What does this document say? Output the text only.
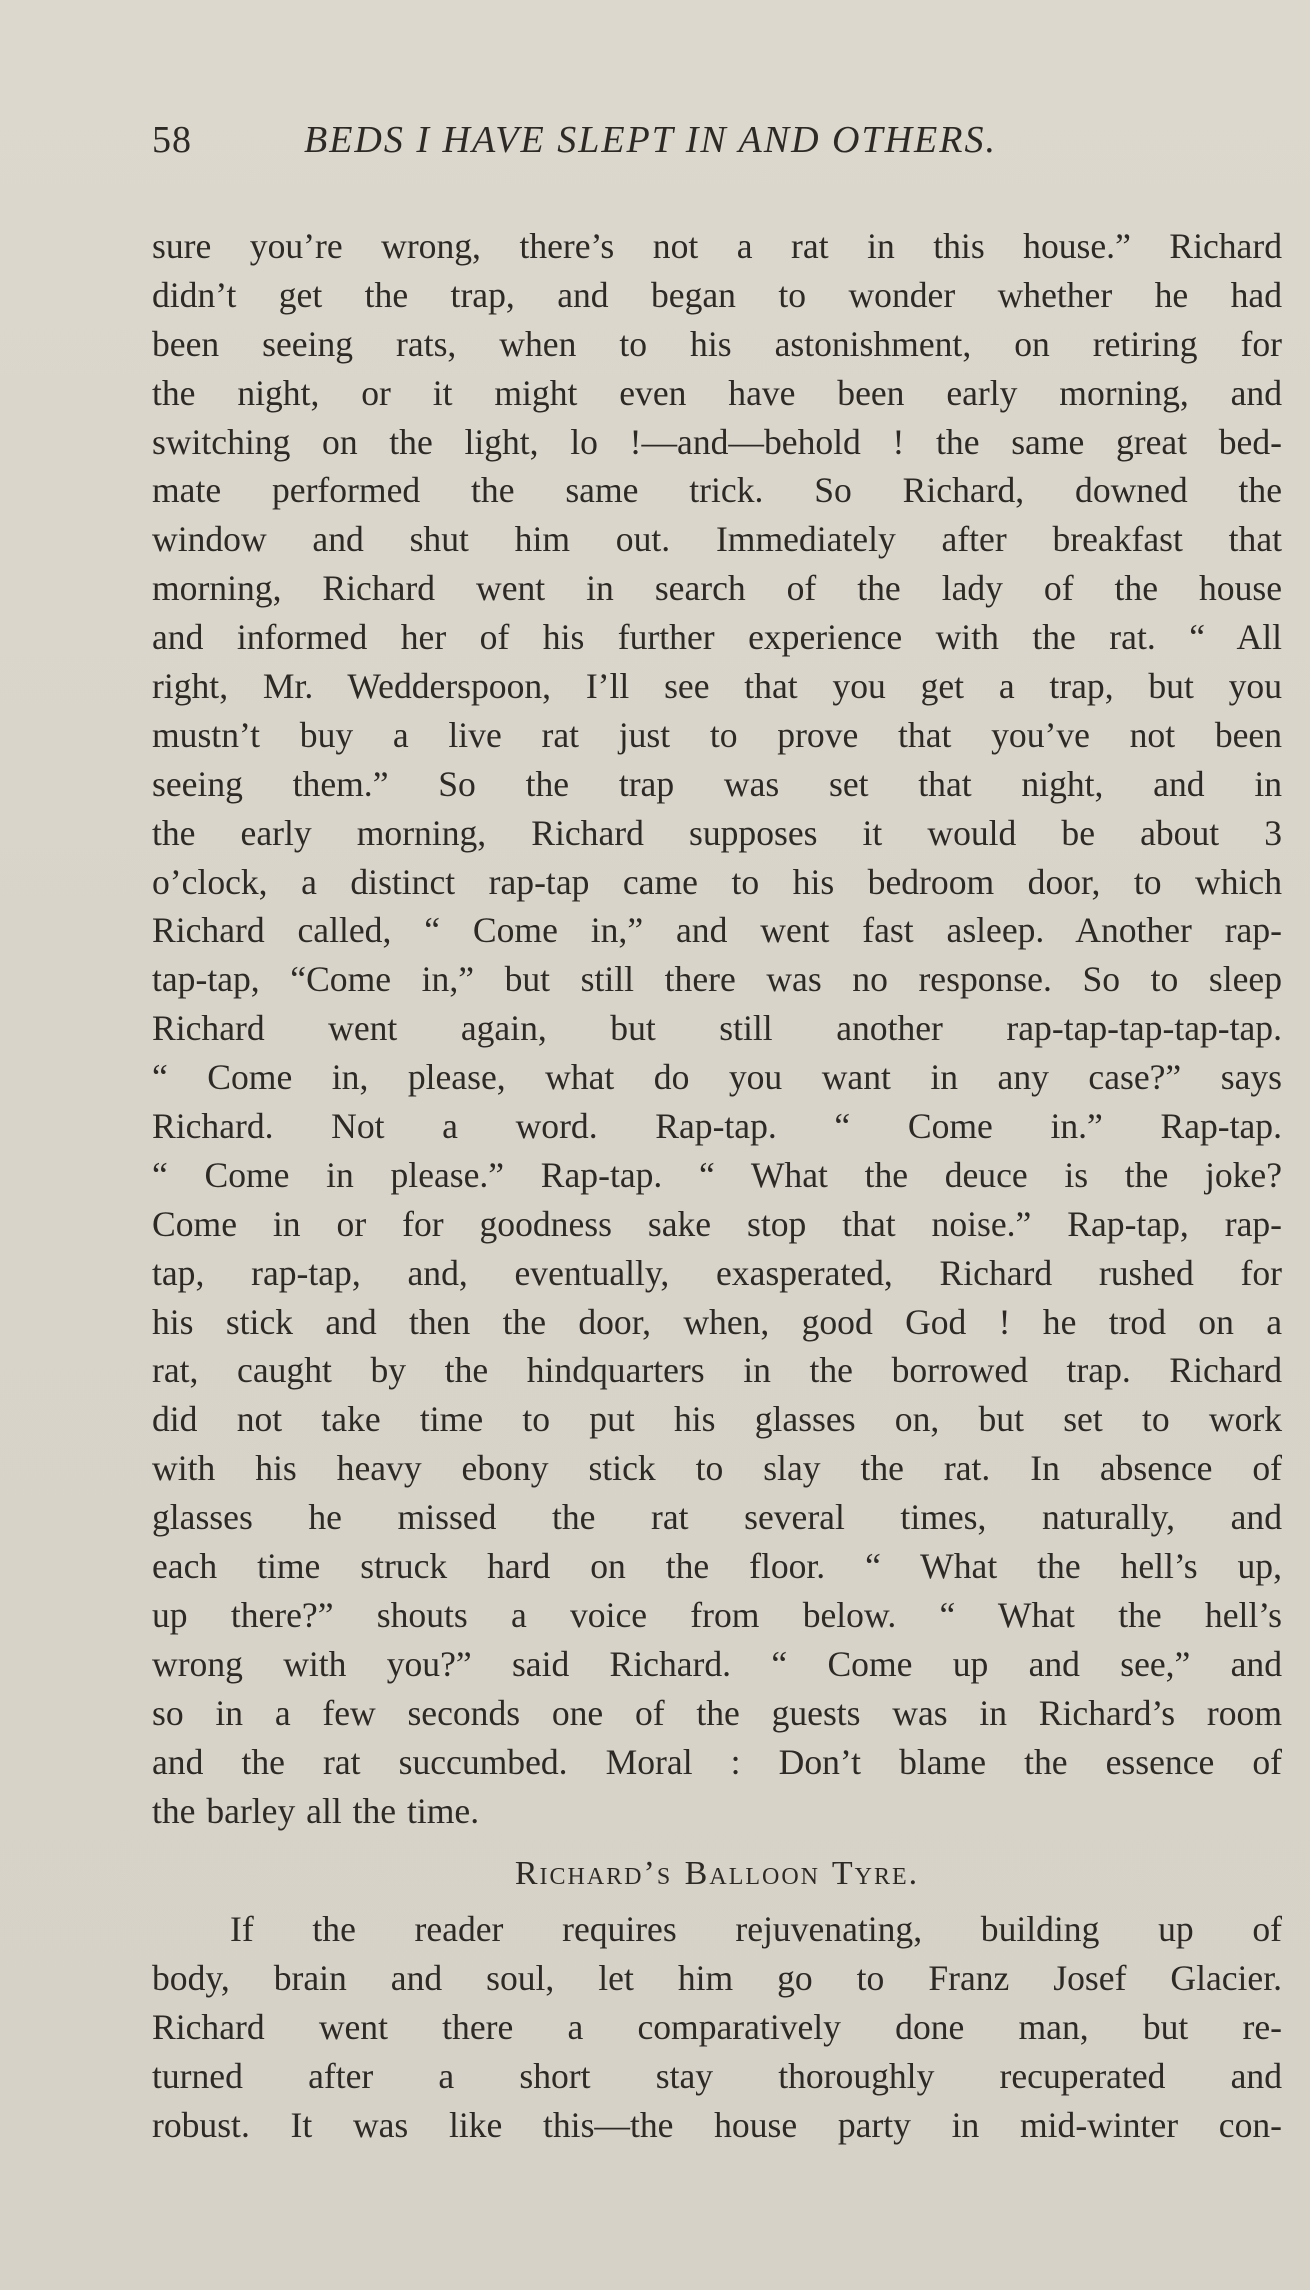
58	BEDS I HAVE SLEPT IN AND OTHERS.
sure you’re wrong, there’s not a rat in this house.” Richard
didn’t get the trap, and began to wonder whether he had
been seeing rats, when to his astonishment, on retiring for
the night, or it might even have been early morning, and
switching on the light, lo !—and—behold ! the same great bed-
mate performed the same trick. So Richard, downed the
window and shut him out. Immediately after breakfast that
morning, Richard went in search of the lady of the house
and informed her of his further experience with the rat. “ All
right, Mr. Wedderspoon, I’ll see that you get a trap, but you
mustn’t buy a live rat just to prove that you’ve not been
seeing them.” So the trap was set that night, and in
the early morning, Richard supposes it would be about 3
o’clock, a distinct rap-tap came to his bedroom door, to which
Richard called, “ Come in,” and went fast asleep. Another rap-
tap-tap, “Come in,” but still there was no response. So to sleep
Richard went again, but still another rap-tap-tap-tap-tap.
“ Come in, please, what do you want in any case?” says
Richard. Not a word. Rap-tap. “ Come in.” Rap-tap.
“ Come in please.” Rap-tap. “ What the deuce is the joke?
Come in or for goodness sake stop that noise.” Rap-tap, rap-
tap, rap-tap, and, eventually, exasperated, Richard rushed for
his stick and then the door, when, good God ! he trod on a
rat, caught by the hindquarters in the borrowed trap. Richard
did not take time to put his glasses on, but set to work
with his heavy ebony stick to slay the rat. In absence of
glasses he missed the rat several times, naturally, and
each time struck hard on the floor. “ What the hell’s up,
up there?” shouts a voice from below. “ What the hell’s
wrong with you?” said Richard. “ Come up and see,” and
so in a few seconds one of the guests was in Richard’s room
and the rat succumbed. Moral : Don’t blame the essence of
the barley all the time.
Richard’s Balloon Tyre.
If the reader requires rejuvenating, building up of
body, brain and soul, let him go to Franz Josef Glacier.
Richard went there a comparatively done man, but re-
turned after a short stay thoroughly recuperated and
robust. It was like this—the house party in mid-winter con-
